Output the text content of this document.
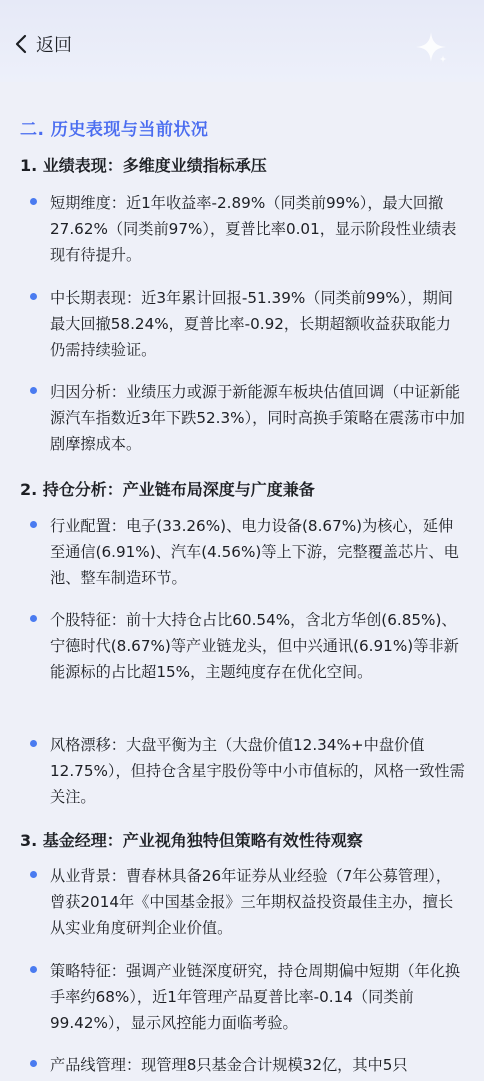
返回
二. 历史表现与当前状况
1. 业绩表现：多维度业绩指标承压
短期维度：近1年收益率-2.89%（同类前99%），最大回撤27.62%（同类前97%），夏普比率0.01，显示阶段性业绩表现有待提升。
中长期表现：近3年累计回报-51.39%（同类前99%），期间最大回撤58.24%，夏普比率-0.92，长期超额收益获取能力仍需持续验证。
归因分析：业绩压力或源于新能源车板块估值回调（中证新能源汽车指数近3年下跌52.3%），同时高换手策略在震荡市中加剧摩擦成本。
2. 持仓分析：产业链布局深度与广度兼备
行业配置：电子(33.26%)、电力设备(8.67%)为核心，延伸至通信(6.91%)、汽车(4.56%)等上下游，完整覆盖芯片、电池、整车制造环节。
个股特征：前十大持仓占比60.54%，含北方华创(6.85%)、宁德时代(8.67%)等产业链龙头，但中兴通讯(6.91%)等非新能源标的占比超15%，主题纯度存在优化空间。
风格漂移：大盘平衡为主（大盘价值12.34%+中盘价值12.75%），但持仓含星宇股份等中小市值标的，风格一致性需关注。
3. 基金经理：产业视角独特但策略有效性待观察
从业背景：曹春林具备26年证券从业经验（7年公募管理），曾获2014年《中国基金报》三年期权益投资最佳主办，擅长从实业角度研判企业价值。
策略特征：强调产业链深度研究，持仓周期偏中短期（年化换手率约68%），近1年管理产品夏普比率-0.14（同类前99.42%），显示风控能力面临考验。
产品线管理：现管理8只基金合计规模32亿，其中5只
